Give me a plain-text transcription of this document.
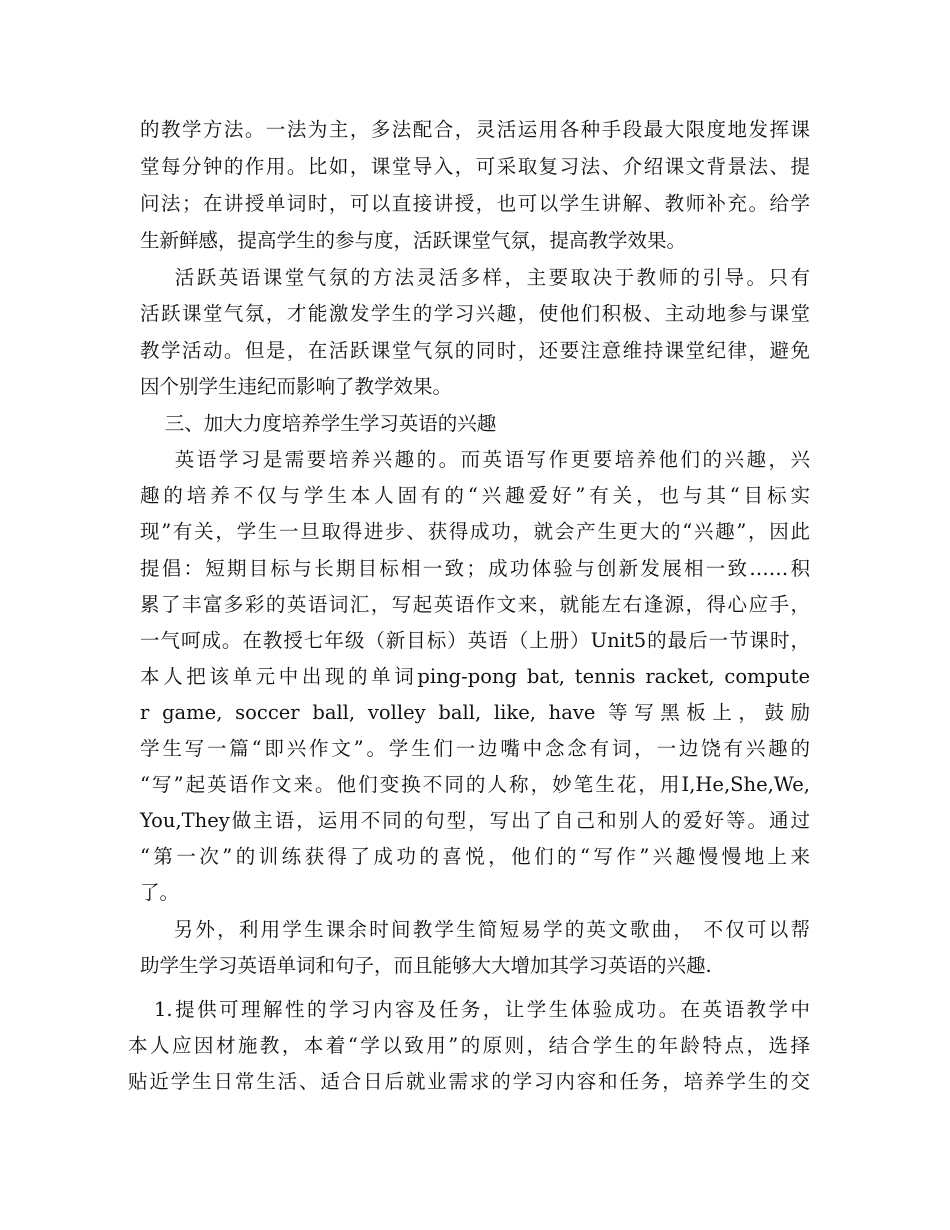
的教学方法。一法为主，多法配合，灵活运用各种手段最大限度地发挥课
堂每分钟的作用。比如，课堂导入，可采取复习法、介绍课文背景法、提
问法；在讲授单词时，可以直接讲授，也可以学生讲解、教师补充。给学
生新鲜感，提高学生的参与度，活跃课堂气氛，提高教学效果。
活跃英语课堂气氛的方法灵活多样，主要取决于教师的引导。只有
活跃课堂气氛，才能激发学生的学习兴趣，使他们积极、主动地参与课堂
教学活动。但是，在活跃课堂气氛的同时，还要注意维持课堂纪律，避免
因个别学生违纪而影响了教学效果。
三、加大力度培养学生学习英语的兴趣
英语学习是需要培养兴趣的。而英语写作更要培养他们的兴趣，兴
趣的培养不仅与学生本人固有的“兴趣爱好”有关，也与其“目标实
现”有关，学生一旦取得进步、获得成功，就会产生更大的“兴趣”，因此
提倡：短期目标与长期目标相一致；成功体验与创新发展相一致……积
累了丰富多彩的英语词汇，写起英语作文来，就能左右逢源，得心应手，
一气呵成。在教授七年级（新目标）英语（上册）Unit5的最后一节课时，
本人把该单元中出现的单词ping-pong bat, tennis racket, compute
r game, soccer ball, volley ball, like, have 等写黑板上，鼓励
学生写一篇“即兴作文”。学生们一边嘴中念念有词，一边饶有兴趣的
“写”起英语作文来。他们变换不同的人称，妙笔生花，用I,He,She,We,
You,They做主语，运用不同的句型，写出了自己和别人的爱好等。通过
“第一次”的训练获得了成功的喜悦，他们的“写作”兴趣慢慢地上来
了。
另外，利用学生课余时间教学生简短易学的英文歌曲， 不仅可以帮
助学生学习英语单词和句子，而且能够大大增加其学习英语的兴趣.
1.提供可理解性的学习内容及任务，让学生体验成功。在英语教学中
本人应因材施教，本着“学以致用”的原则，结合学生的年龄特点，选择
贴近学生日常生活、适合日后就业需求的学习内容和任务，培养学生的交
